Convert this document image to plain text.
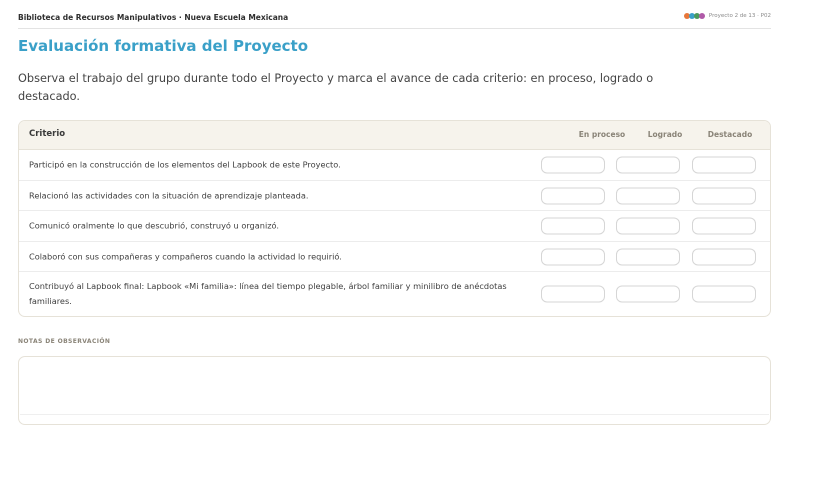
Biblioteca de Recursos Manipulativos · Nueva Escuela Mexicana	Proyecto 2 de 13 · P02
Evaluación formativa del Proyecto

Observa el trabajo del grupo durante todo el Proyecto y marca el avance de cada criterio: en proceso, logrado o destacado.

Criterio	En proceso	Logrado	Destacado
Participó en la construcción de los elementos del Lapbook de este Proyecto.
Relacionó las actividades con la situación de aprendizaje planteada.
Comunicó oralmente lo que descubrió, construyó u organizó.
Colaboró con sus compañeras y compañeros cuando la actividad lo requirió.
Contribuyó al Lapbook final: Lapbook «Mi familia»: línea del tiempo plegable, árbol familiar y minilibro de anécdotas familiares.
NOTAS DE OBSERVACIÓN
